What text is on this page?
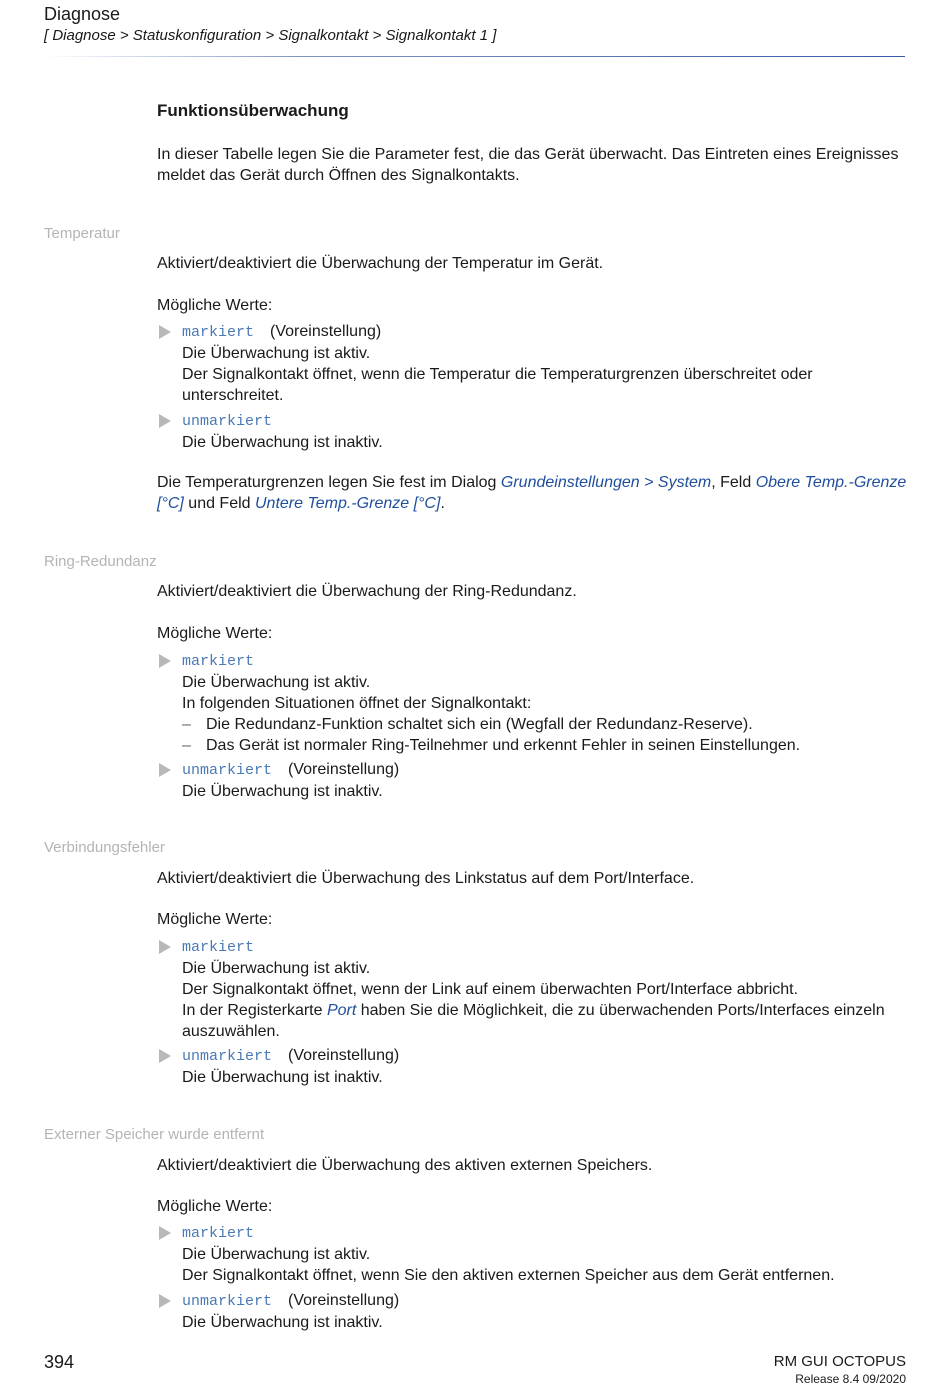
Diagnose
[ Diagnose > Statuskonfiguration > Signalkontakt > Signalkontakt 1 ]
Funktionsüberwachung
In dieser Tabelle legen Sie die Parameter fest, die das Gerät überwacht. Das Eintreten eines Ereignisses meldet das Gerät durch Öffnen des Signalkontakts.
Temperatur
Aktiviert/deaktiviert die Überwachung der Temperatur im Gerät.
Mögliche Werte:
markiert (Voreinstellung)
Die Überwachung ist aktiv.
Der Signalkontakt öffnet, wenn die Temperatur die Temperaturgrenzen überschreitet oder unterschreitet.
unmarkiert
Die Überwachung ist inaktiv.
Die Temperaturgrenzen legen Sie fest im Dialog Grundeinstellungen > System, Feld Obere Temp.-Grenze [°C] und Feld Untere Temp.-Grenze [°C].
Ring-Redundanz
Aktiviert/deaktiviert die Überwachung der Ring-Redundanz.
Mögliche Werte:
markiert
Die Überwachung ist aktiv.
In folgenden Situationen öffnet der Signalkontakt:
– Die Redundanz-Funktion schaltet sich ein (Wegfall der Redundanz-Reserve).
– Das Gerät ist normaler Ring-Teilnehmer und erkennt Fehler in seinen Einstellungen.
unmarkiert (Voreinstellung)
Die Überwachung ist inaktiv.
Verbindungsfehler
Aktiviert/deaktiviert die Überwachung des Linkstatus auf dem Port/Interface.
Mögliche Werte:
markiert
Die Überwachung ist aktiv.
Der Signalkontakt öffnet, wenn der Link auf einem überwachten Port/Interface abbricht.
In der Registerkarte Port haben Sie die Möglichkeit, die zu überwachenden Ports/Interfaces einzeln auszuwählen.
unmarkiert (Voreinstellung)
Die Überwachung ist inaktiv.
Externer Speicher wurde entfernt
Aktiviert/deaktiviert die Überwachung des aktiven externen Speichers.
Mögliche Werte:
markiert
Die Überwachung ist aktiv.
Der Signalkontakt öffnet, wenn Sie den aktiven externen Speicher aus dem Gerät entfernen.
unmarkiert (Voreinstellung)
Die Überwachung ist inaktiv.
394	RM GUI OCTOPUS
Release 8.4 09/2020
